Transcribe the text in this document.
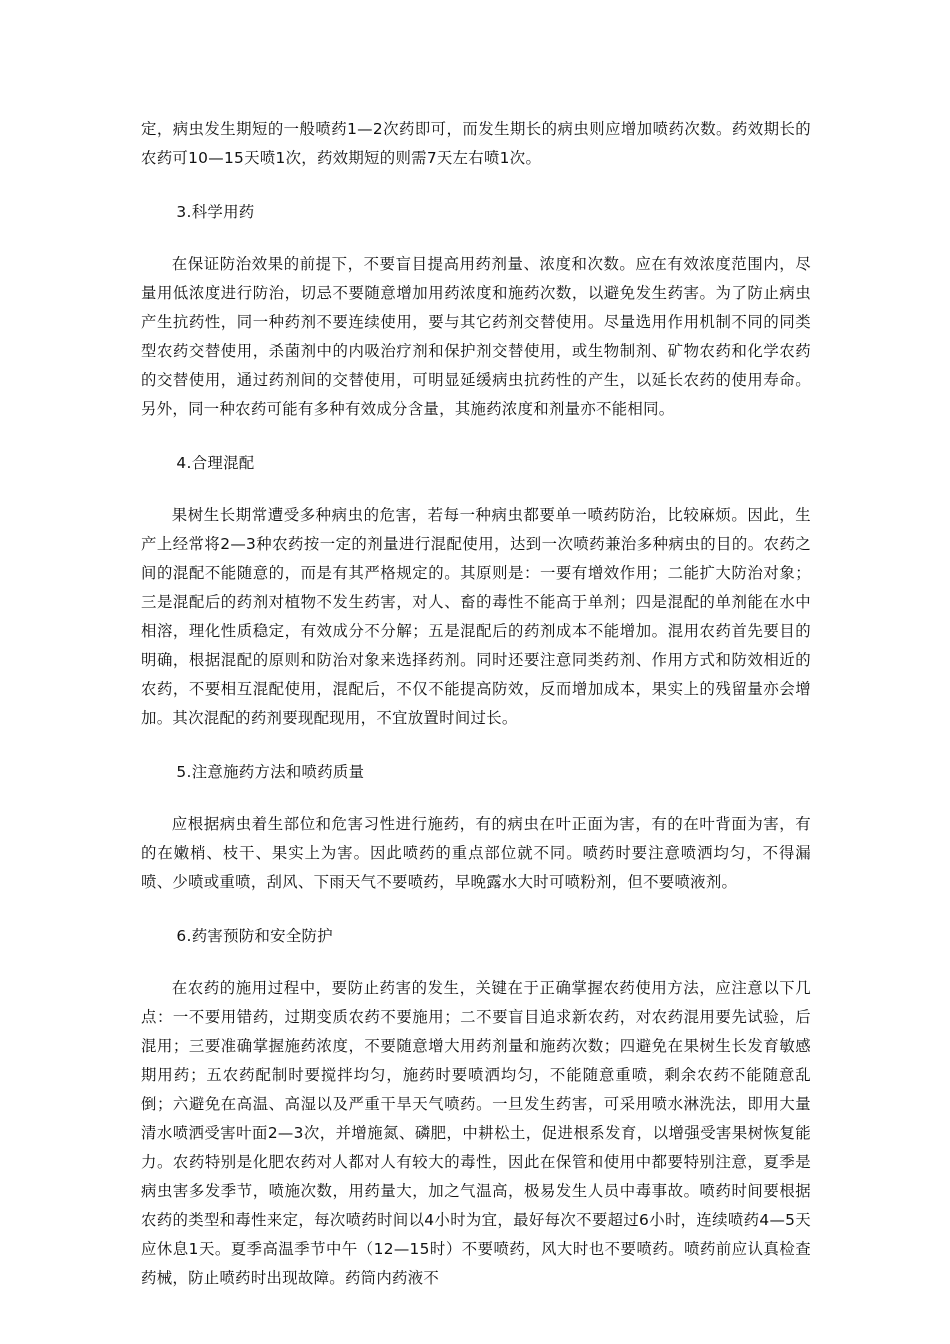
定，病虫发生期短的一般喷药1—2次药即可，而发生期长的病虫则应增加喷药次数。药效期长的农药可10—15天喷1次，药效期短的则需7天左右喷1次。

3.科学用药

在保证防治效果的前提下，不要盲目提高用药剂量、浓度和次数。应在有效浓度范围内，尽量用低浓度进行防治，切忌不要随意增加用药浓度和施药次数，以避免发生药害。为了防止病虫产生抗药性，同一种药剂不要连续使用，要与其它药剂交替使用。尽量选用作用机制不同的同类型农药交替使用，杀菌剂中的内吸治疗剂和保护剂交替使用，或生物制剂、矿物农药和化学农药的交替使用，通过药剂间的交替使用，可明显延缓病虫抗药性的产生，以延长农药的使用寿命。另外，同一种农药可能有多种有效成分含量，其施药浓度和剂量亦不能相同。

4.合理混配

果树生长期常遭受多种病虫的危害，若每一种病虫都要单一喷药防治，比较麻烦。因此，生产上经常将2—3种农药按一定的剂量进行混配使用，达到一次喷药兼治多种病虫的目的。农药之间的混配不能随意的，而是有其严格规定的。其原则是：一要有增效作用；二能扩大防治对象；三是混配后的药剂对植物不发生药害，对人、畜的毒性不能高于单剂；四是混配的单剂能在水中相溶，理化性质稳定，有效成分不分解；五是混配后的药剂成本不能增加。混用农药首先要目的明确，根据混配的原则和防治对象来选择药剂。同时还要注意同类药剂、作用方式和防效相近的农药，不要相互混配使用，混配后，不仅不能提高防效，反而增加成本，果实上的残留量亦会增加。其次混配的药剂要现配现用，不宜放置时间过长。

5.注意施药方法和喷药质量

应根据病虫着生部位和危害习性进行施药，有的病虫在叶正面为害，有的在叶背面为害，有的在嫩梢、枝干、果实上为害。因此喷药的重点部位就不同。喷药时要注意喷洒均匀，不得漏喷、少喷或重喷，刮风、下雨天气不要喷药，早晚露水大时可喷粉剂，但不要喷液剂。

6.药害预防和安全防护

在农药的施用过程中，要防止药害的发生，关键在于正确掌握农药使用方法，应注意以下几点：一不要用错药，过期变质农药不要施用；二不要盲目追求新农药，对农药混用要先试验，后混用；三要准确掌握施药浓度，不要随意增大用药剂量和施药次数；四避免在果树生长发育敏感期用药；五农药配制时要搅拌均匀，施药时要喷洒均匀，不能随意重喷，剩余农药不能随意乱倒；六避免在高温、高湿以及严重干旱天气喷药。一旦发生药害，可采用喷水淋洗法，即用大量清水喷洒受害叶面2—3次，并增施氮、磷肥，中耕松土，促进根系发育，以增强受害果树恢复能力。农药特别是化肥农药对人都对人有较大的毒性，因此在保管和使用中都要特别注意，夏季是病虫害多发季节，喷施次数，用药量大，加之气温高，极易发生人员中毒事故。喷药时间要根据农药的类型和毒性来定，每次喷药时间以4小时为宜，最好每次不要超过6小时，连续喷药4—5天应休息1天。夏季高温季节中午（12—15时）不要喷药，风大时也不要喷药。喷药前应认真检查药械，防止喷药时出现故障。药筒内药液不
